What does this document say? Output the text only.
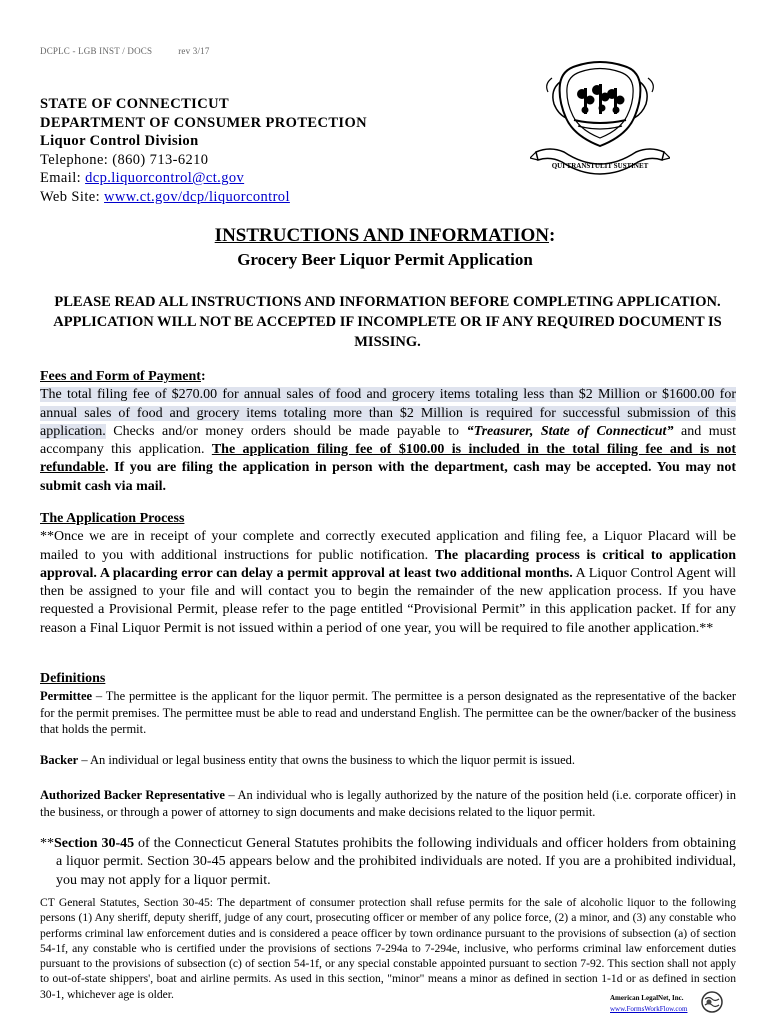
DCPLC - LGB INST / DOCS	rev 3/17
QUI TRANSTULIT SUSTINET
STATE OF CONNECTICUT
DEPARTMENT OF CONSUMER PROTECTION
Liquor Control Division
Telephone: (860) 713-6210
Email: dcp.liquorcontrol@ct.gov
Web Site: www.ct.gov/dcp/liquorcontrol
INSTRUCTIONS AND INFORMATION:
Grocery Beer Liquor Permit Application
PLEASE READ ALL INSTRUCTIONS AND INFORMATION BEFORE COMPLETING APPLICATION. APPLICATION WILL NOT BE ACCEPTED IF INCOMPLETE OR IF ANY REQUIRED DOCUMENT IS MISSING.
Fees and Form of Payment:
The total filing fee of $270.00 for annual sales of food and grocery items totaling less than $2 Million or $1600.00 for annual sales of food and grocery items totaling more than $2 Million is required for successful submission of this application. Checks and/or money orders should be made payable to “Treasurer, State of Connecticut” and must accompany this application. The application filing fee of $100.00 is included in the total filing fee and is not refundable. If you are filing the application in person with the department, cash may be accepted. You may not submit cash via mail.
The Application Process
**Once we are in receipt of your complete and correctly executed application and filing fee, a Liquor Placard will be mailed to you with additional instructions for public notification. The placarding process is critical to application approval. A placarding error can delay a permit approval at least two additional months. A Liquor Control Agent will then be assigned to your file and will contact you to begin the remainder of the new application process. If you have requested a Provisional Permit, please refer to the page entitled “Provisional Permit” in this application packet. If for any reason a Final Liquor Permit is not issued within a period of one year, you will be required to file another application.**
Definitions
Permittee – The permittee is the applicant for the liquor permit. The permittee is a person designated as the representative of the backer for the permit premises. The permittee must be able to read and understand English. The permittee can be the owner/backer of the business that holds the permit.
Backer – An individual or legal business entity that owns the business to which the liquor permit is issued.
Authorized Backer Representative – An individual who is legally authorized by the nature of the position held (i.e. corporate officer) in the business, or through a power of attorney to sign documents and make decisions related to the liquor permit.
**Section 30-45 of the Connecticut General Statutes prohibits the following individuals and officer holders from obtaining a liquor permit. Section 30-45 appears below and the prohibited individuals are noted. If you are a prohibited individual, you may not apply for a liquor permit.
CT General Statutes, Section 30-45: The department of consumer protection shall refuse permits for the sale of alcoholic liquor to the following persons (1) Any sheriff, deputy sheriff, judge of any court, prosecuting officer or member of any police force, (2) a minor, and (3) any constable who performs criminal law enforcement duties and is considered a peace officer by town ordinance pursuant to the provisions of subsection (a) of section 54-1f, any constable who is certified under the provisions of sections 7-294a to 7-294e, inclusive, who performs criminal law enforcement duties pursuant to the provisions of subsection (c) of section 54-1f, or any special constable appointed pursuant to section 7-92. This section shall not apply to out-of-state shippers', boat and airline permits. As used in this section, "minor" means a minor as defined in section 1-1d or as defined in section 30-1, whichever age is older.	American LegalNet, Inc.
www.FormsWorkFlow.com
